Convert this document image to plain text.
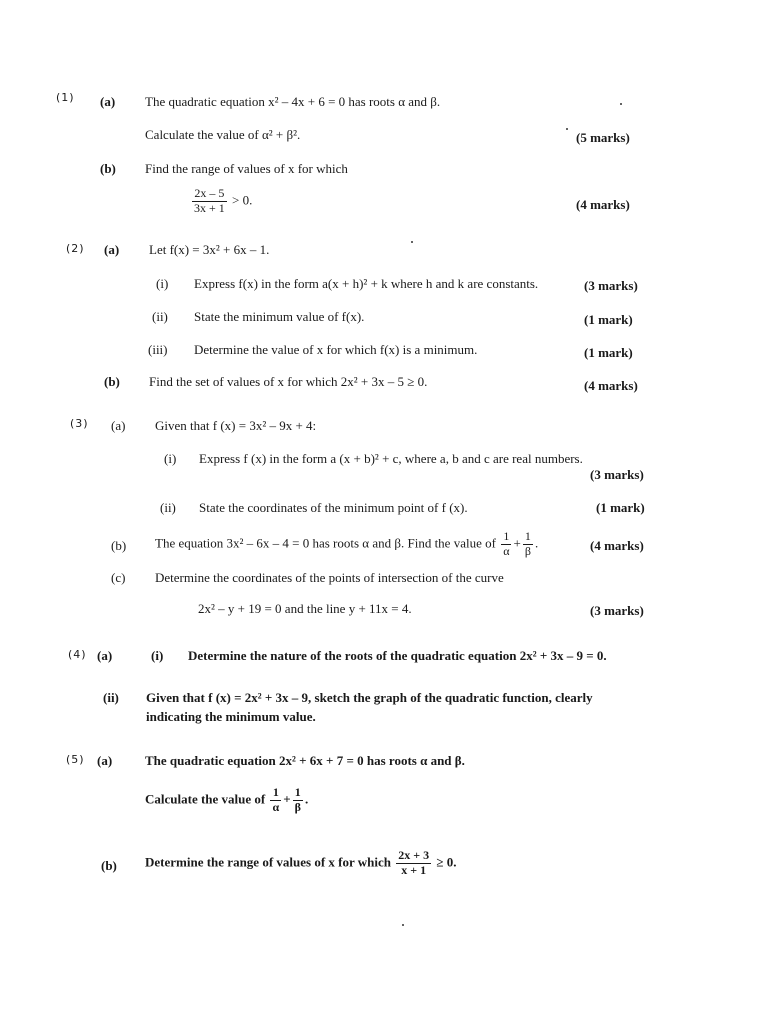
(1) (a) The quadratic equation x² – 4x + 6 = 0 has roots α and β.
Calculate the value of α² + β².	(5 marks)
(b) Find the range of values of x for which
$\frac{2x - 5}{3x + 1} > 0$.	(4 marks)
(2) (a) Let f(x) = 3x² + 6x – 1.
(i) Express f(x) in the form a(x + h)² + k where h and k are constants.	(3 marks)
(ii) State the minimum value of f(x).	(1 mark)
(iii) Determine the value of x for which f(x) is a minimum.	(1 mark)
(b) Find the set of values of x for which 2x² + 3x – 5 ≥ 0.	(4 marks)
(3) (a) Given that f (x) = 3x² – 9x + 4:
(i) Express f (x) in the form a (x + b)² + c, where a, b and c are real numbers.
(3 marks)
(ii) State the coordinates of the minimum point of f (x).	(1 mark)
(b) The equation 3x² – 6x – 4 = 0 has roots α and β. Find the value of $\frac{1}{\alpha} + \frac{1}{\beta}$ .	(4 marks)
(c) Determine the coordinates of the points of intersection of the curve
2x² – y + 19 = 0 and the line y + 11x = 4.	(3 marks)
(4) (a)	(i) Determine the nature of the roots of the quadratic equation 2x² + 3x – 9 = 0.
(ii) Given that f (x) = 2x² + 3x – 9, sketch the graph of the quadratic function, clearly
indicating the minimum value.
(5) (a)	The quadratic equation 2x² + 6x + 7 = 0 has roots α and β.
Calculate the value of $\frac{1}{\alpha} + \frac{1}{\beta}$ .
(b) Determine the range of values of x for which $\frac{2x + 3}{x + 1} \ge 0$.
